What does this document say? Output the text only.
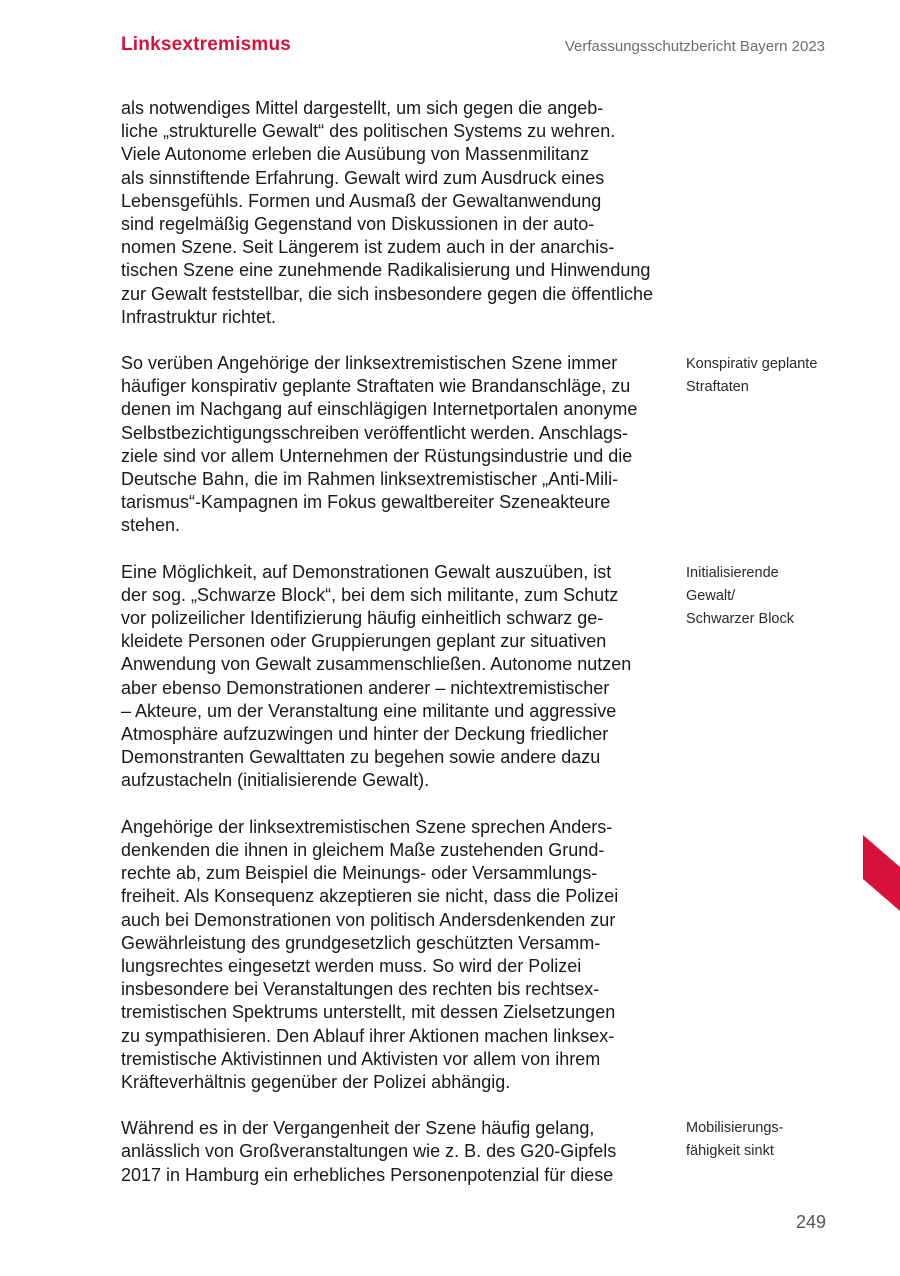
Linksextremismus	Verfassungsschutzbericht Bayern 2023

als notwendiges Mittel dargestellt, um sich gegen die angeb-
liche „strukturelle Gewalt“ des politischen Systems zu wehren.
Viele Autonome erleben die Ausübung von Massenmilitanz
als sinnstiftende Erfahrung. Gewalt wird zum Ausdruck eines
Lebensgefühls. Formen und Ausmaß der Gewaltanwendung
sind regelmäßig Gegenstand von Diskussionen in der auto-
nomen Szene. Seit Längerem ist zudem auch in der anarchis-
tischen Szene eine zunehmende Radikalisierung und Hinwendung
zur Gewalt feststellbar, die sich insbesondere gegen die öffentliche
Infrastruktur richtet.

So verüben Angehörige der linksextremistischen Szene immer
häufiger konspirativ geplante Straftaten wie Brandanschläge, zu
denen im Nachgang auf einschlägigen Internetportalen anonyme
Selbstbezichtigungsschreiben veröffentlicht werden. Anschlags-
ziele sind vor allem Unternehmen der Rüstungsindustrie und die
Deutsche Bahn, die im Rahmen linksextremistischer „Anti-Mili-
tarismus“-Kampagnen im Fokus gewaltbereiter Szeneakteure
stehen.

Eine Möglichkeit, auf Demonstrationen Gewalt auszuüben, ist
der sog. „Schwarze Block“, bei dem sich militante, zum Schutz
vor polizeilicher Identifizierung häufig einheitlich schwarz ge-
kleidete Personen oder Gruppierungen geplant zur situativen
Anwendung von Gewalt zusammenschließen. Autonome nutzen
aber ebenso Demonstrationen anderer – nichtextremistischer
– Akteure, um der Veranstaltung eine militante und aggressive
Atmosphäre aufzuzwingen und hinter der Deckung friedlicher
Demonstranten Gewalttaten zu begehen sowie andere dazu
aufzustacheln (initialisierende Gewalt).

Angehörige der linksextremistischen Szene sprechen Anders-
denkenden die ihnen in gleichem Maße zustehenden Grund-
rechte ab, zum Beispiel die Meinungs- oder Versammlungs-
freiheit. Als Konsequenz akzeptieren sie nicht, dass die Polizei
auch bei Demonstrationen von politisch Andersdenkenden zur
Gewährleistung des grundgesetzlich geschützten Versamm-
lungsrechtes eingesetzt werden muss. So wird der Polizei
insbesondere bei Veranstaltungen des rechten bis rechtsex-
tremistischen Spektrums unterstellt, mit dessen Zielsetzungen
zu sympathisieren. Den Ablauf ihrer Aktionen machen linksex-
tremistische Aktivistinnen und Aktivisten vor allem von ihrem
Kräfteverhältnis gegenüber der Polizei abhängig.

Während es in der Vergangenheit der Szene häufig gelang,
anlässlich von Großveranstaltungen wie z. B. des G20-Gipfels
2017 in Hamburg ein erhebliches Personenpotenzial für diese

Konspirativ geplante
Straftaten
Initialisierende
Gewalt/
Schwarzer Block
Mobilisierungs-
fähigkeit sinkt
249
